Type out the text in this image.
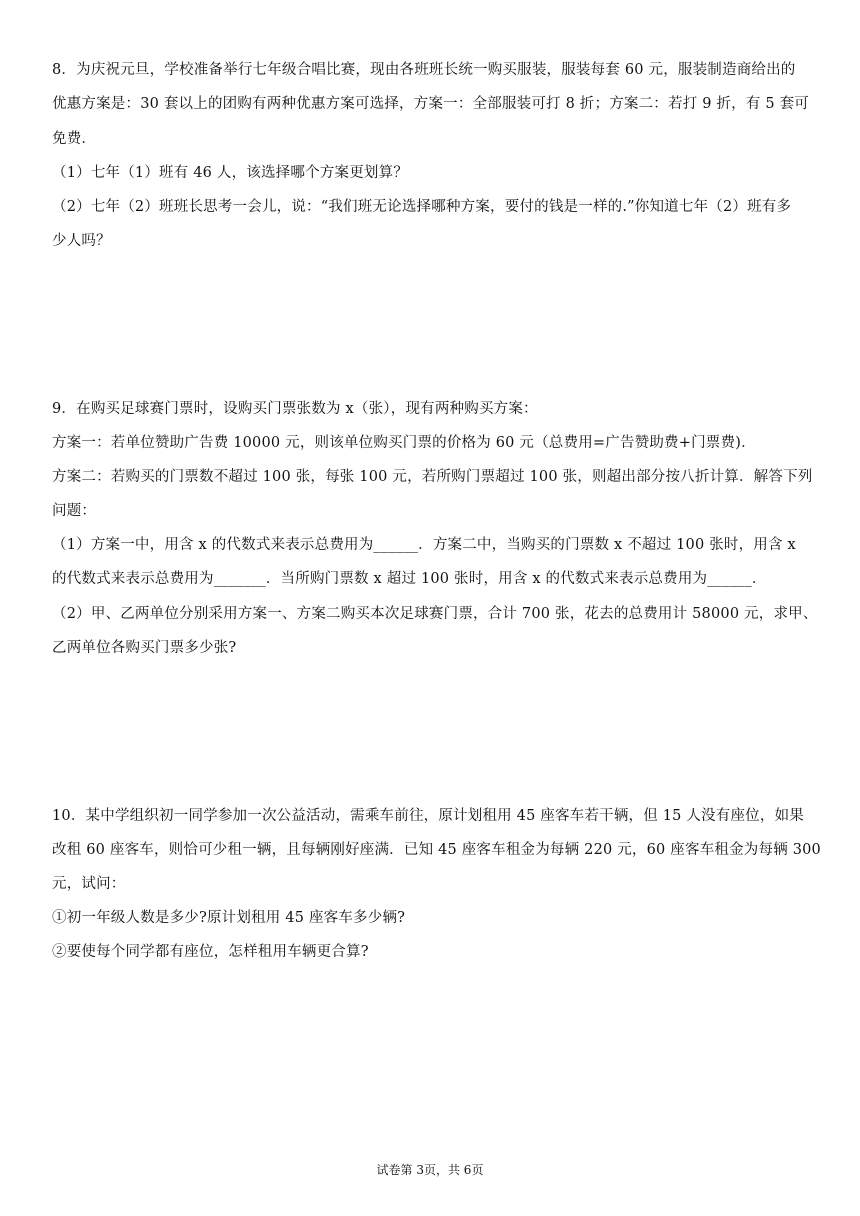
8．为庆祝元旦，学校准备举行七年级合唱比赛，现由各班班长统一购买服装，服装每套 60 元，服装制造商给出的
优惠方案是：30 套以上的团购有两种优惠方案可选择，方案一：全部服装可打 8 折；方案二：若打 9 折，有 5 套可
免费．
（1）七年（1）班有 46 人，该选择哪个方案更划算？
（2）七年（2）班班长思考一会儿，说：“我们班无论选择哪种方案，要付的钱是一样的.”你知道七年（2）班有多
少人吗？
9．在购买足球赛门票时，设购买门票张数为 x（张），现有两种购买方案：
方案一：若单位赞助广告费 10000 元，则该单位购买门票的价格为 60 元（总费用=广告赞助费+门票费)．
方案二：若购买的门票数不超过 100 张，每张 100 元，若所购门票超过 100 张，则超出部分按八折计算．解答下列
问题：
（1）方案一中，用含 x 的代数式来表示总费用为______．方案二中，当购买的门票数 x 不超过 100 张时，用含 x
的代数式来表示总费用为_______．当所购门票数 x 超过 100 张时，用含 x 的代数式来表示总费用为______．
（2）甲、乙两单位分别采用方案一、方案二购买本次足球赛门票，合计 700 张，花去的总费用计 58000 元，求甲、
乙两单位各购买门票多少张?
10．某中学组织初一同学参加一次公益活动，需乘车前往，原计划租用 45 座客车若干辆，但 15 人没有座位，如果
改租 60 座客车，则恰可少租一辆，且每辆刚好座满．已知 45 座客车租金为每辆 220 元，60 座客车租金为每辆 300
元，试问：
①初一年级人数是多少?原计划租用 45 座客车多少辆?
②要使每个同学都有座位，怎样租用车辆更合算?
试卷第 3页，共 6页
